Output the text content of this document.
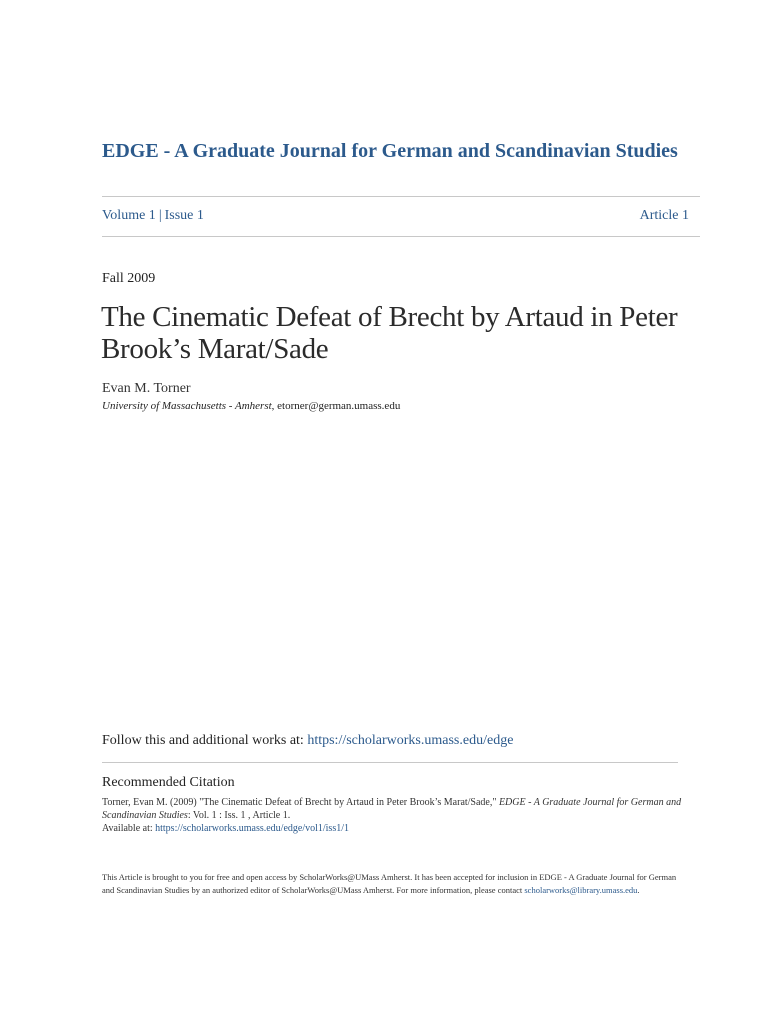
EDGE - A Graduate Journal for German and Scandinavian Studies
Volume 1 | Issue 1	Article 1
Fall 2009
The Cinematic Defeat of Brecht by Artaud in Peter Brook’s Marat/Sade
Evan M. Torner
University of Massachusetts - Amherst, etorner@german.umass.edu
Follow this and additional works at: https://scholarworks.umass.edu/edge
Recommended Citation
Torner, Evan M. (2009) "The Cinematic Defeat of Brecht by Artaud in Peter Brook’s Marat/Sade," EDGE - A Graduate Journal for German and Scandinavian Studies: Vol. 1 : Iss. 1 , Article 1.
Available at: https://scholarworks.umass.edu/edge/vol1/iss1/1
This Article is brought to you for free and open access by ScholarWorks@UMass Amherst. It has been accepted for inclusion in EDGE - A Graduate Journal for German and Scandinavian Studies by an authorized editor of ScholarWorks@UMass Amherst. For more information, please contact scholarworks@library.umass.edu.
